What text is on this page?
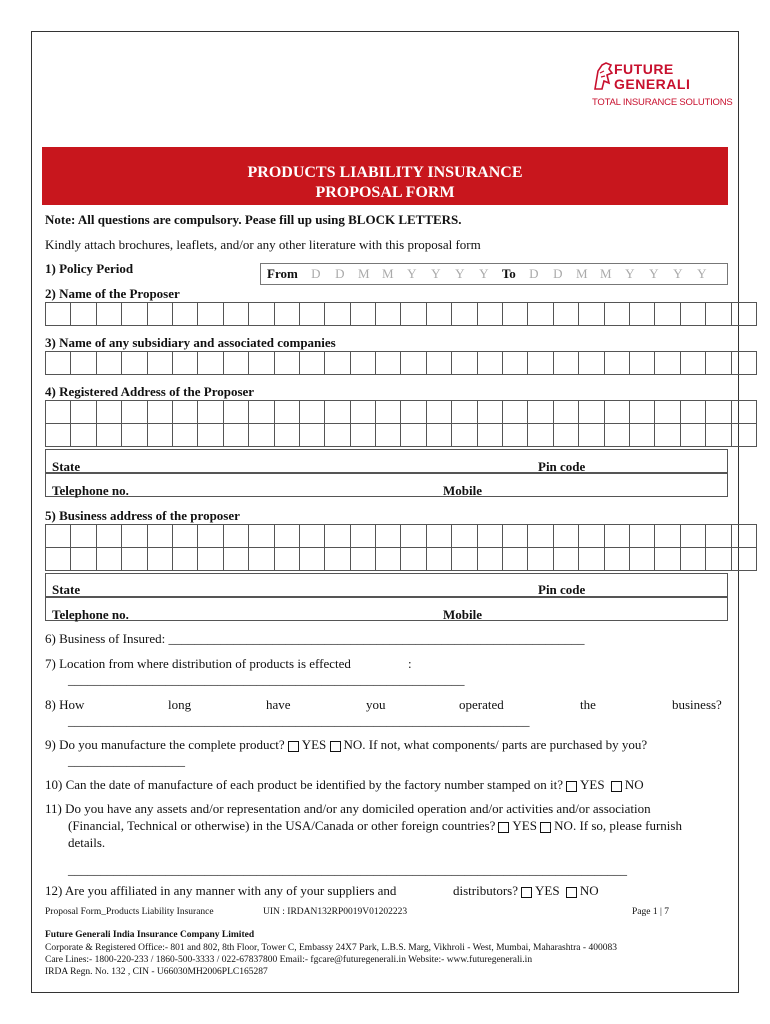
FUTURE
GENERALI
TOTAL INSURANCE SOLUTIONS
PRODUCTS LIABILITY INSURANCE
PROPOSAL FORM
Note: All questions are compulsory. Pease fill up using BLOCK LETTERS.
Kindly attach brochures, leaflets, and/or any other literature with this proposal form
1) Policy Period	From	D D M M Y Y Y Y	To	D D M M Y Y Y Y
2) Name of the Proposer

3) Name of any subsidiary and associated companies

4) Registered Address of the Proposer

State	Pin code
Telephone no.	Mobile
5) Business address of the proposer

State	Pin code
Telephone no.	Mobile
6) Business of Insured: ________________________________________________________________
7) Location from where distribution of products is effected	:
_____________________________________________________________
8) How	long	have	you	operated	the	business?
_______________________________________________________________________
9) Do you manufacture the complete product? YES NO. If not, what components/ parts are purchased by you?
__________________
10) Can the date of manufacture of each product be identified by the factory number stamped on it? YES NO
11) Do you have any assets and/or representation and/or any domiciled operation and/or activities and/or association
(Financial, Technical or otherwise) in the USA/Canada or other foreign countries? YES NO. If so, please furnish
details.
______________________________________________________________________________________
12) Are you affiliated in any manner with any of your suppliers and	distributors? YES NO
Proposal Form_Products Liability Insurance	UIN : IRDAN132RP0019V01202223	Page 1 | 7
Future Generali India Insurance Company Limited
Corporate & Registered Office:- 801 and 802, 8th Floor, Tower C, Embassy 24X7 Park, L.B.S. Marg, Vikhroli - West, Mumbai, Maharashtra - 400083
Care Lines:- 1800-220-233 / 1860-500-3333 / 022-67837800 Email:- fgcare@futuregenerali.in Website:- www.futuregenerali.in
IRDA Regn. No. 132 , CIN - U66030MH2006PLC165287
